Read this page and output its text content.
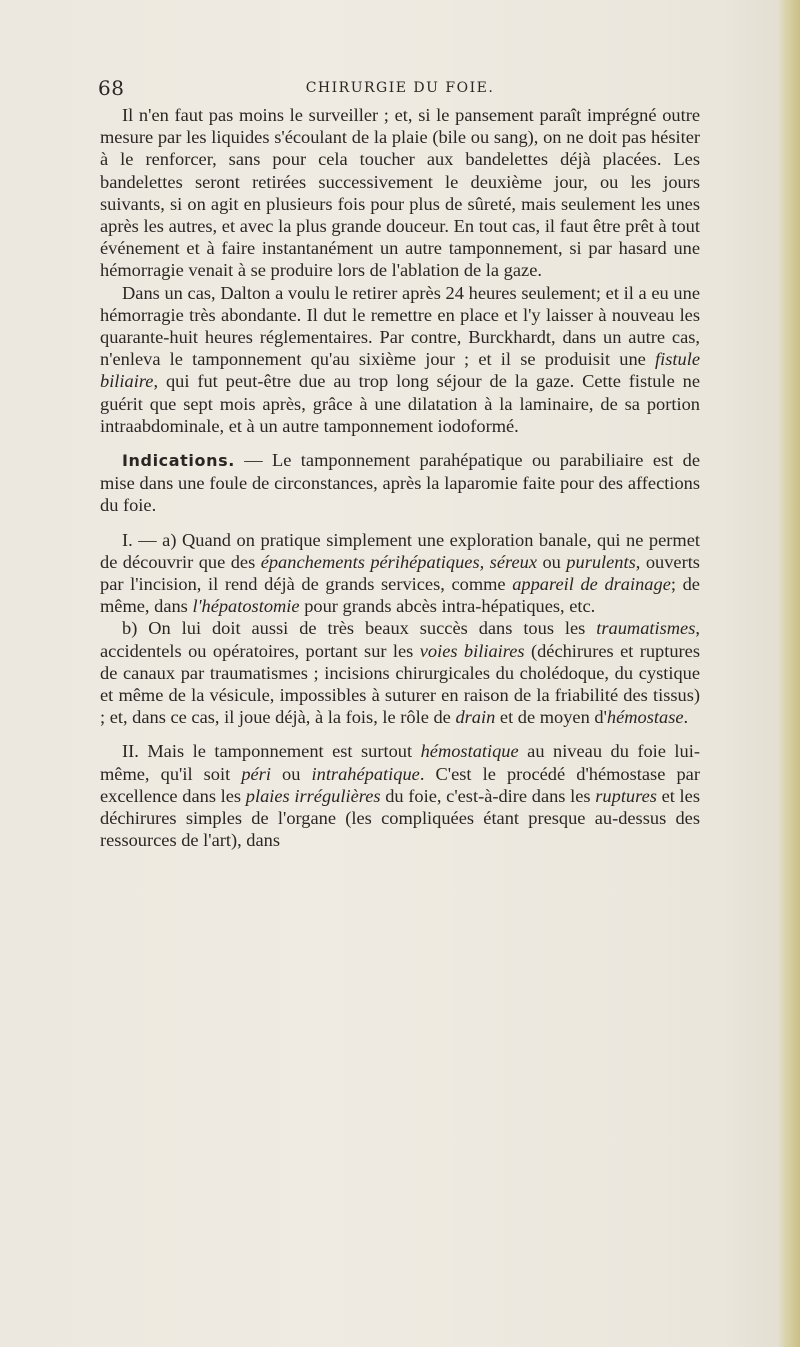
68	CHIRURGIE DU FOIE.

Il n'en faut pas moins le surveiller ; et, si le pansement paraît imprégné outre mesure par les liquides s'écoulant de la plaie (bile ou sang), on ne doit pas hésiter à le renforcer, sans pour cela toucher aux bandelettes déjà placées. Les bandelettes seront retirées successivement le deuxième jour, ou les jours suivants, si on agit en plusieurs fois pour plus de sûreté, mais seulement les unes après les autres, et avec la plus grande douceur. En tout cas, il faut être prêt à tout événement et à faire instantanément un autre tamponnement, si par hasard une hémorragie venait à se produire lors de l'ablation de la gaze.

Dans un cas, Dalton a voulu le retirer après 24 heures seulement; et il a eu une hémorragie très abondante. Il dut le remettre en place et l'y laisser à nouveau les quarante-huit heures réglementaires. Par contre, Burckhardt, dans un autre cas, n'enleva le tamponnement qu'au sixième jour ; et il se produisit une fistule biliaire, qui fut peut-être due au trop long séjour de la gaze. Cette fistule ne guérit que sept mois après, grâce à une dilatation à la laminaire, de sa portion intraabdominale, et à un autre tamponnement iodoformé.

Indications. — Le tamponnement parahépatique ou parabiliaire est de mise dans une foule de circonstances, après la laparomie faite pour des affections du foie.

I. — a) Quand on pratique simplement une exploration banale, qui ne permet de découvrir que des épanchements périhépatiques, séreux ou purulents, ouverts par l'incision, il rend déjà de grands services, comme appareil de drainage; de même, dans l'hépatostomie pour grands abcès intra-hépatiques, etc.

b) On lui doit aussi de très beaux succès dans tous les traumatismes, accidentels ou opératoires, portant sur les voies biliaires (déchirures et ruptures de canaux par traumatismes ; incisions chirurgicales du cholédoque, du cystique et même de la vésicule, impossibles à suturer en raison de la friabilité des tissus) ; et, dans ce cas, il joue déjà, à la fois, le rôle de drain et de moyen d'hémostase.

II. Mais le tamponnement est surtout hémostatique au niveau du foie lui-même, qu'il soit péri ou intrahépatique. C'est le procédé d'hémostase par excellence dans les plaies irrégulières du foie, c'est-à-dire dans les ruptures et les déchirures simples de l'organe (les compliquées étant presque au-dessus des ressources de l'art), dans
